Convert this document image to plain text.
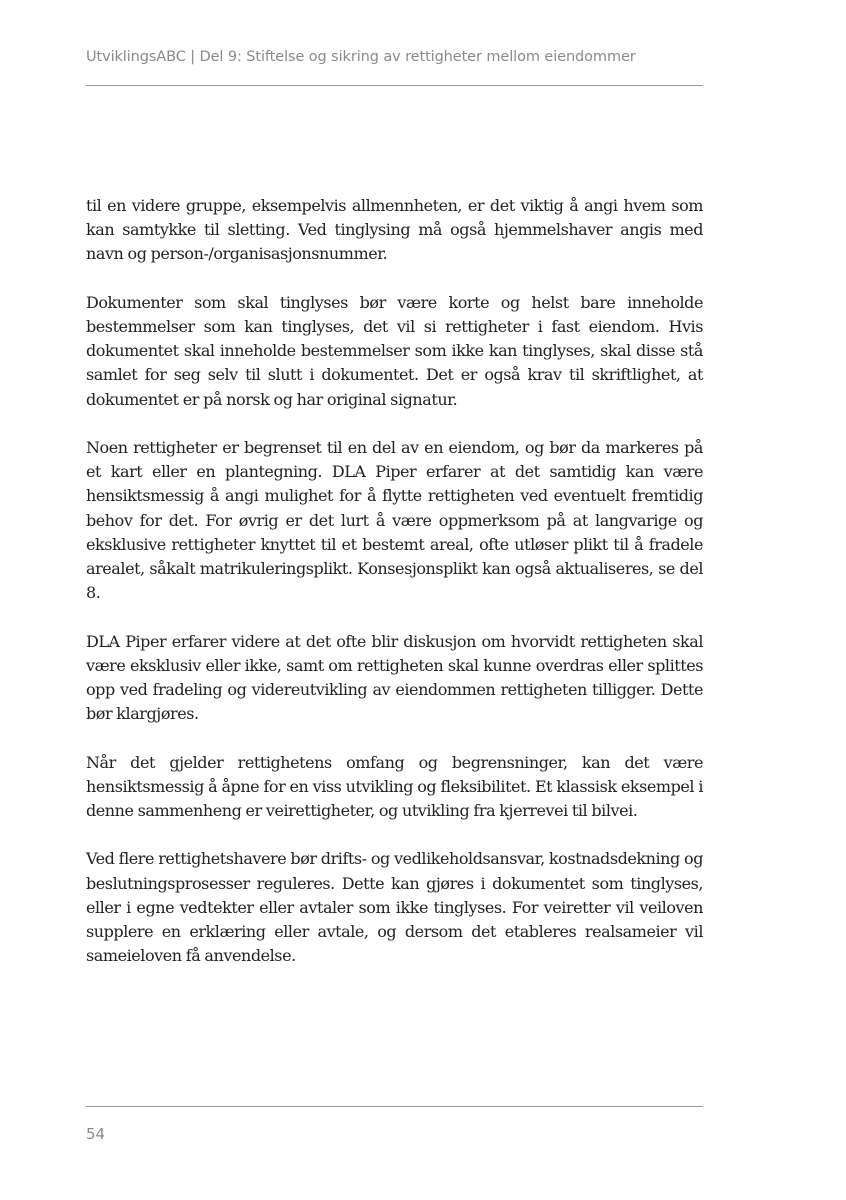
UtviklingsABC | Del 9: Stiftelse og sikring av rettigheter mellom eiendommer

til en videre gruppe, eksempelvis allmennheten, er det viktig å angi hvem som kan samtykke til sletting. Ved tinglysing må også hjemmelshaver angis med navn og person-/organisasjonsnummer.

Dokumenter som skal tinglyses bør være korte og helst bare inneholde bestemmelser som kan tinglyses, det vil si rettigheter i fast eiendom. Hvis dokumentet skal inneholde bestemmelser som ikke kan tinglyses, skal disse stå samlet for seg selv til slutt i dokumentet. Det er også krav til skriftlighet, at dokumentet er på norsk og har original signatur.

Noen rettigheter er begrenset til en del av en eiendom, og bør da markeres på et kart eller en plantegning. DLA Piper erfarer at det samtidig kan være hensiktsmessig å angi mulighet for å flytte rettigheten ved eventuelt fremtidig behov for det. For øvrig er det lurt å være oppmerksom på at langvarige og eksklusive rettigheter knyttet til et bestemt areal, ofte utløser plikt til å fradele arealet, såkalt matrikuleringsplikt. Konsesjonsplikt kan også aktualiseres, se del 8.

DLA Piper erfarer videre at det ofte blir diskusjon om hvorvidt rettigheten skal være eksklusiv eller ikke, samt om rettigheten skal kunne overdras eller splittes opp ved fradeling og videreutvikling av eiendommen rettigheten tilligger. Dette bør klargjøres.

Når det gjelder rettighetens omfang og begrensninger, kan det være hensiktsmessig å åpne for en viss utvikling og fleksibilitet. Et klassisk eksempel i denne sammenheng er veirettigheter, og utvikling fra kjerrevei til bilvei.

Ved flere rettighetshavere bør drifts- og vedlikeholdsansvar, kostnadsdekning og beslutningsprosesser reguleres. Dette kan gjøres i dokumentet som tinglyses, eller i egne vedtekter eller avtaler som ikke tinglyses. For veiretter vil veiloven supplere en erklæring eller avtale, og dersom det etableres realsameier vil sameieloven få anvendelse.

54
